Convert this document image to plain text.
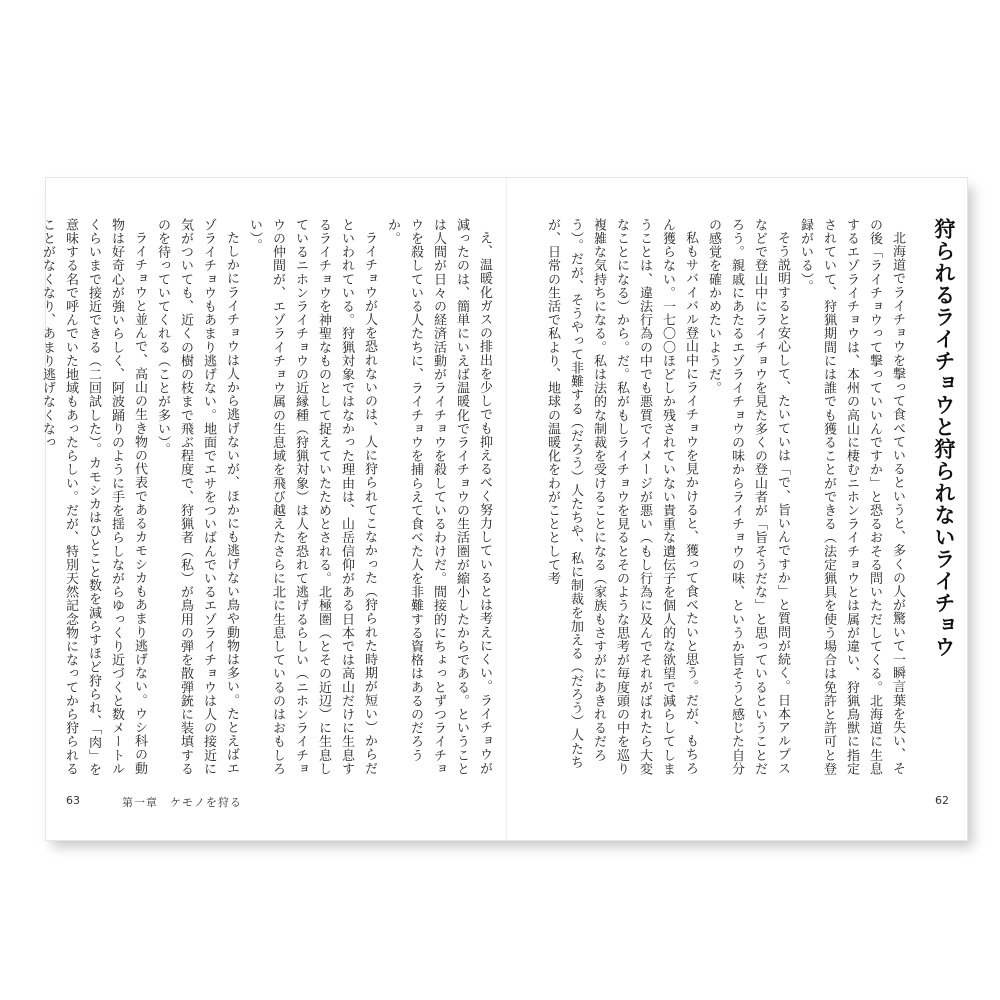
え、温暖化ガスの排出を少しでも抑えるべく努力しているとは考えにくい。ライチョウが減ったのは、簡単にいえば温暖化でライチョウの生活圏が縮小したからである。ということは人間が日々の経済活動がライチョウを殺しているわけだ。間接的にちょっとずつライチョウを殺している人たちに、ライチョウを捕らえて食べた人を非難する資格はあるのだろうか。

ライチョウが人を恐れないのは、人に狩られてこなかった（狩られた時期が短い）からだといわれている。狩猟対象ではなかった理由は、山岳信仰がある日本では高山だけに生息するライチョウを神聖なものとして捉えていたためとされる。北極圏（とその近辺）に生息しているニホンライチョウの近縁種（狩猟対象）は人を恐れて逃げるらしい（ニホンライチョウの仲間が、エゾライチョウ属の生息域を飛び越えたさらに北に生息しているのはおもしろい）。

たしかにライチョウは人から逃げないが、ほかにも逃げない鳥や動物は多い。たとえばエゾライチョウもあまり逃げない。地面でエサをついばんでいるエゾライチョウは人の接近に気がついても、近くの樹の枝まで飛ぶ程度で、狩猟者（私）が鳥用の弾を散弾銃に装填するのを待っていてくれる（ことが多い）。

ライチョウと並んで、高山の生き物の代表であるカモシカもあまり逃げない。ウシ科の動物は好奇心が強いらしく、阿波踊りのように手を揺らしながらゆっくり近づくと数メートルくらいまで接近できる（二回試した）。カモシカはひとこと数を減らすほど狩られ、「肉」を意味する名で呼んでいた地域もあったらしい。だが、特別天然記念物になってから狩られることがなくなり、あまり逃げなくなっ

63	第一章 ケモノを狩る
狩られるライチョウと狩られないライチョウ

北海道でライチョウを撃って食べているというと、多くの人が驚いて一瞬言葉を失い、その後「ライチョウって撃っていいんですか」と恐るおそる問いただしてくる。北海道に生息するエゾライチョウは、本州の高山に棲むニホンライチョウとは属が違い、狩猟鳥獣に指定されていて、狩猟期間には誰でも獲ることができる（法定猟具を使う場合は免許と許可と登録がいる）。

そう説明すると安心して、たいていは「で、旨いんですか」と質問が続く。日本アルプスなどで登山中にライチョウを見た多くの登山者が「旨そうだな」と思っているということだろう。親戚にあたるエゾライチョウの味からライチョウの味、というか旨そうと感じた自分の感覚を確かめたいようだ。

私もサバイバル登山中にライチョウを見かけると、獲って食べたいと思う。だが、もちろん獲らない。一七〇〇ほどしか残されていない貴重な遺伝子を個人的な欲望で減らしてしまうことは、違法行為の中でも悪質でイメージが悪い（もし行為に及んでそれがばれたら大変なことになる）から。だ。私がもしライチョウを見るとそのような思考が毎度頭の中を巡り複雑な気持ちになる。私は法的な制裁を受けることになる（家族もさすがにあきれるだろう）。だが、そうやって非難する（だろう）人たちや、私に制裁を加える（だろう）人たちが、日常の生活で私より、地球の温暖化をわがこととして考

62
